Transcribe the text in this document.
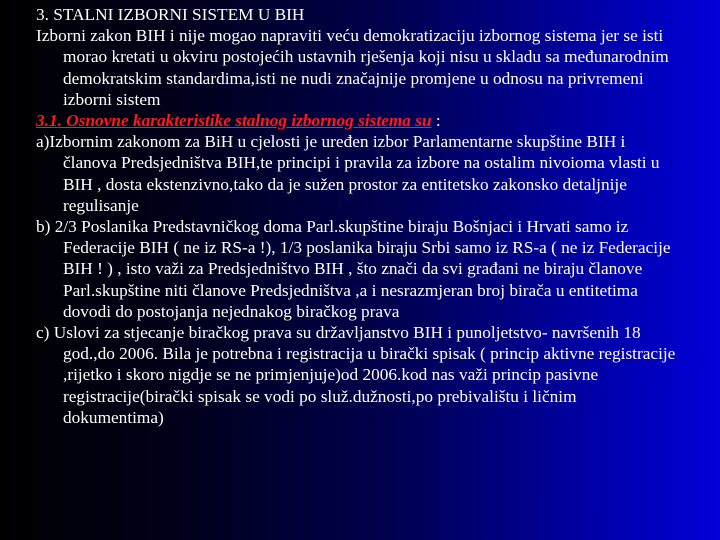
3. STALNI IZBORNI SISTEM U BIH

Izborni zakon BIH i nije mogao napraviti veću demokratizaciju izbornog sistema jer se isti morao kretati u okviru postojećih ustavnih rješenja koji nisu u skladu sa međunarodnim demokratskim standardima,isti ne nudi značajnije promjene u odnosu na privremeni izborni sistem

3.1. Osnovne karakteristike stalnog izbornog sistema su :

a)Izbornim zakonom za BiH u cjelosti je uređen izbor Parlamentarne skupštine BIH i članova Predsjedništva BIH,te principi i pravila za izbore na ostalim nivoioma vlasti u BIH , dosta ekstenzivno,tako da je sužen prostor za entitetsko zakonsko detaljnije regulisanje

b) 2/3 Poslanika Predstavničkog doma Parl.skupštine biraju Bošnjaci i Hrvati samo iz Federacije BIH ( ne iz RS-a !), 1/3 poslanika biraju Srbi samo iz RS-a ( ne iz Federacije BIH ! ) , isto važi za Predsjedništvo BIH , što znači da svi građani ne biraju članove Parl.skupštine niti članove Predsjedništva ,a i nesrazmjeran broj birača u entitetima dovodi do postojanja nejednakog biračkog prava

c) Uslovi za stjecanje biračkog prava su državljanstvo BIH i punoljetstvo- navršenih 18 god.,do 2006. Bila je potrebna i registracija u birački spisak ( princip aktivne registracije ,rijetko i skoro nigdje se ne primjenjuje)od 2006.kod nas važi princip pasivne registracije(birački spisak se vodi po služ.dužnosti,po prebivalištu i ličnim dokumentima)
